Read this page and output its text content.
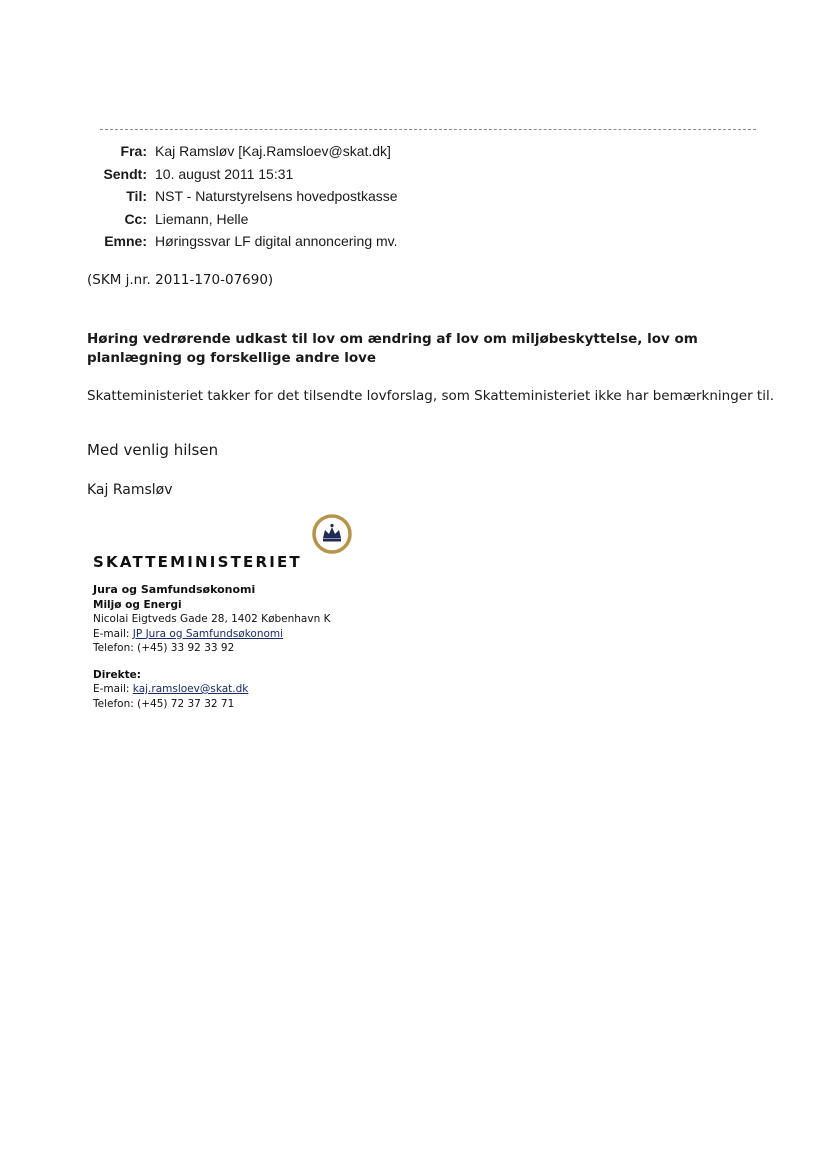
Fra: Kaj Ramsløv [Kaj.Ramsloev@skat.dk]
Sendt: 10. august 2011 15:31
Til: NST - Naturstyrelsens hovedpostkasse
Cc: Liemann, Helle
Emne: Høringssvar LF digital annoncering mv.
(SKM j.nr. 2011-170-07690)
Høring vedrørende udkast til lov om ændring af lov om miljøbeskyttelse, lov om planlægning og forskellige andre love
Skatteministeriet takker for det tilsendte lovforslag, som Skatteministeriet ikke har bemærkninger til.
Med venlig hilsen
Kaj Ramsløv
SKATTEMINISTERIET
Jura og Samfundsøkonomi
Miljø og Energi
Nicolai Eigtveds Gade 28, 1402 København K
E-mail: JP Jura og Samfundsøkonomi
Telefon: (+45) 33 92 33 92
Direkte:
E-mail: kaj.ramsloev@skat.dk
Telefon: (+45) 72 37 32 71
